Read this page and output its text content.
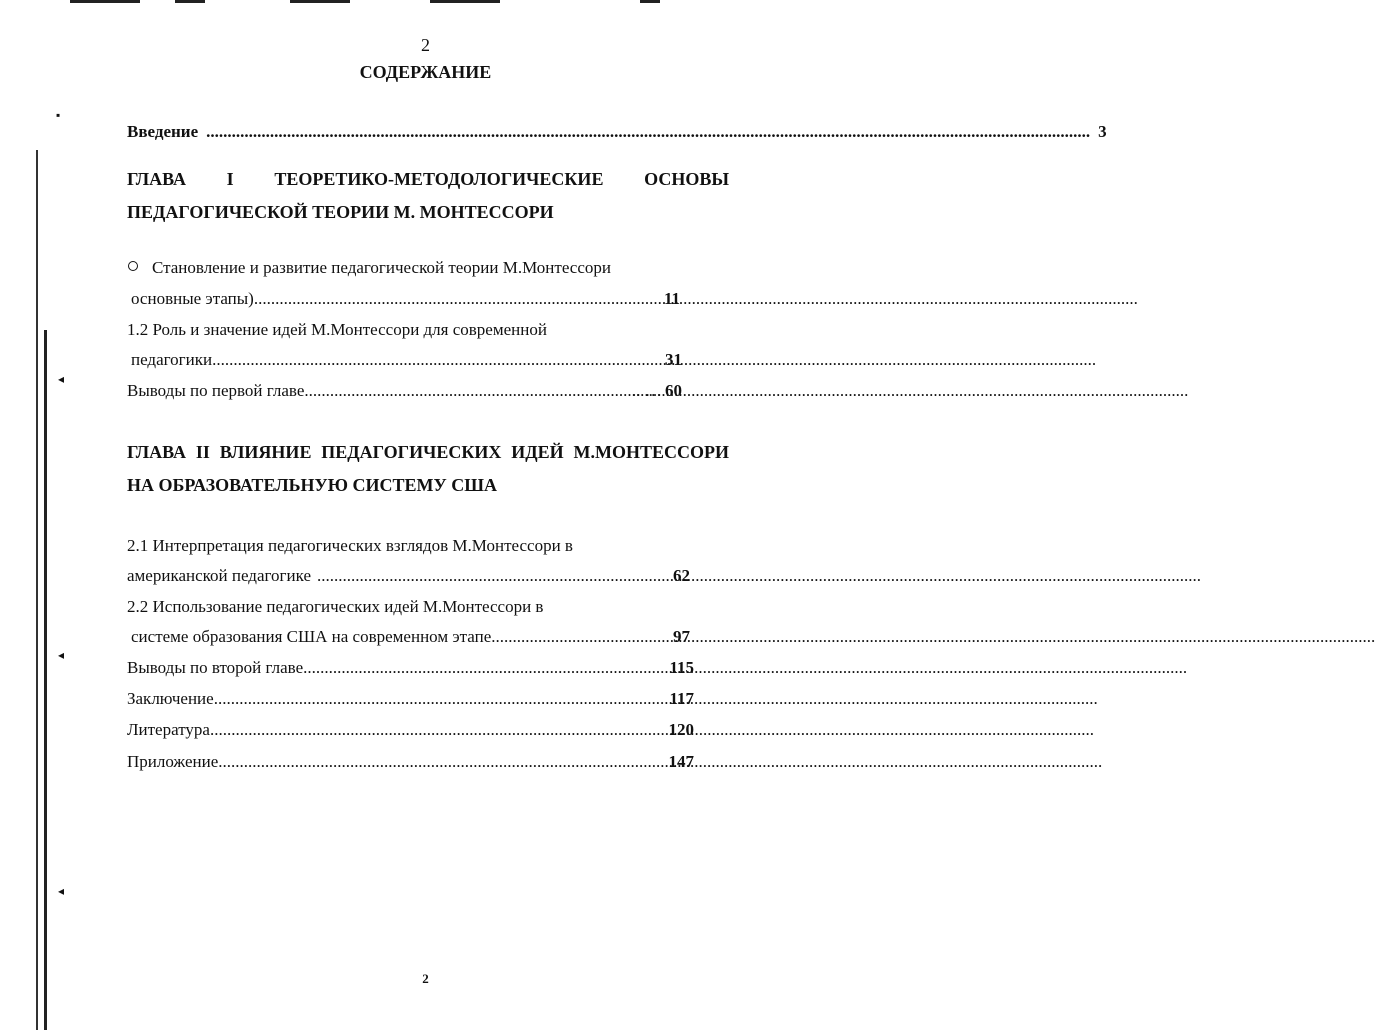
▪
◂
◂
◂
2
СОДЕРЖАНИЕ
Введение .....	3
ГЛАВА I ТЕОРЕТИКО-МЕТОДОЛОГИЧЕСКИЕ ОСНОВЫ
ПЕДАГОГИЧЕСКОЙ ТЕОРИИ М. МОНТЕССОРИ
Становление и развитие педагогической теории М.Монтессори
основные этапы) .....	11
1.2 Роль и значение идей М.Монтессори для современной
педагогики .....	31
Выводы по первой главе .....	.. … 60
ГЛАВА II ВЛИЯНИЕ ПЕДАГОГИЧЕСКИХ ИДЕЙ М.МОНТЕССОРИ
НА ОБРАЗОВАТЕЛЬНУЮ СИСТЕМУ США
2.1 Интерпретация педагогических взглядов М.Монтессори в
американской педагогике .....	62
2.2 Использование педагогических идей М.Монтессори в
системе образования США на современном этапе .....	97
Выводы по второй главе .....	115
Заключение .....	117
Литература .....	120
Приложение .....	147
2
